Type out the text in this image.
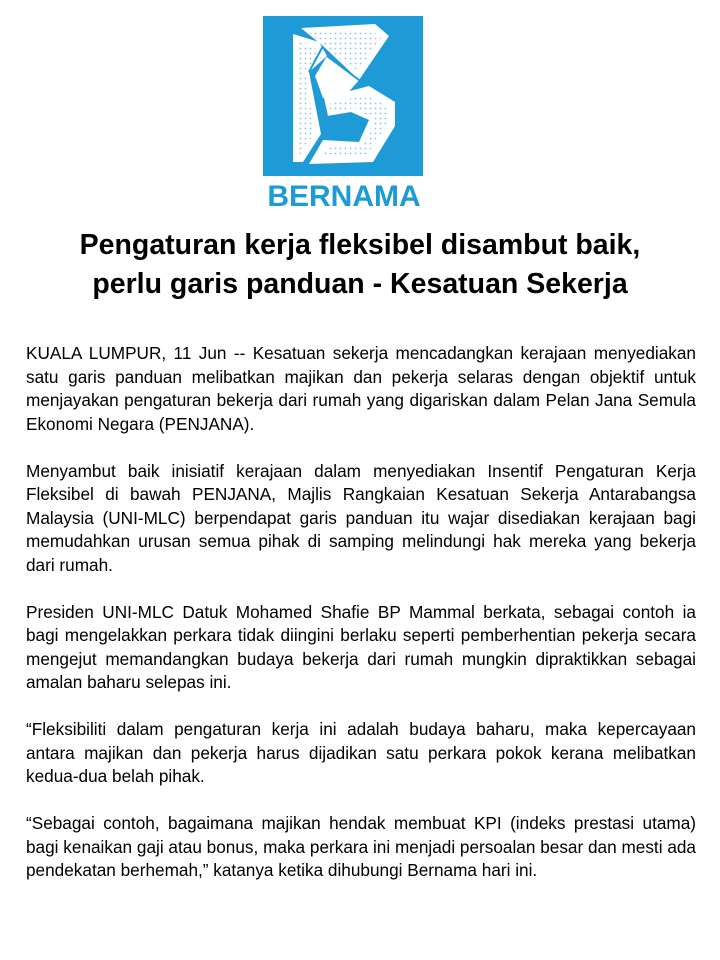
BERNAMA
Pengaturan kerja fleksibel disambut baik,
perlu garis panduan - Kesatuan Sekerja

KUALA LUMPUR, 11 Jun -- Kesatuan sekerja mencadangkan kerajaan menyediakan satu garis panduan melibatkan majikan dan pekerja selaras dengan objektif untuk menjayakan pengaturan bekerja dari rumah yang digariskan dalam Pelan Jana Semula Ekonomi Negara (PENJANA).

Menyambut baik inisiatif kerajaan dalam menyediakan Insentif Pengaturan Kerja Fleksibel di bawah PENJANA, Majlis Rangkaian Kesatuan Sekerja Antarabangsa Malaysia (UNI-MLC) berpendapat garis panduan itu wajar disediakan kerajaan bagi memudahkan urusan semua pihak di samping melindungi hak mereka yang bekerja dari rumah.

Presiden UNI-MLC Datuk Mohamed Shafie BP Mammal berkata, sebagai contoh ia bagi mengelakkan perkara tidak diingini berlaku seperti pemberhentian pekerja secara mengejut memandangkan budaya bekerja dari rumah mungkin dipraktikkan sebagai amalan baharu selepas ini.

“Fleksibiliti dalam pengaturan kerja ini adalah budaya baharu, maka kepercayaan antara majikan dan pekerja harus dijadikan satu perkara pokok kerana melibatkan kedua-dua belah pihak.

“Sebagai contoh, bagaimana majikan hendak membuat KPI (indeks prestasi utama) bagi kenaikan gaji atau bonus, maka perkara ini menjadi persoalan besar dan mesti ada pendekatan berhemah,” katanya ketika dihubungi Bernama hari ini.
